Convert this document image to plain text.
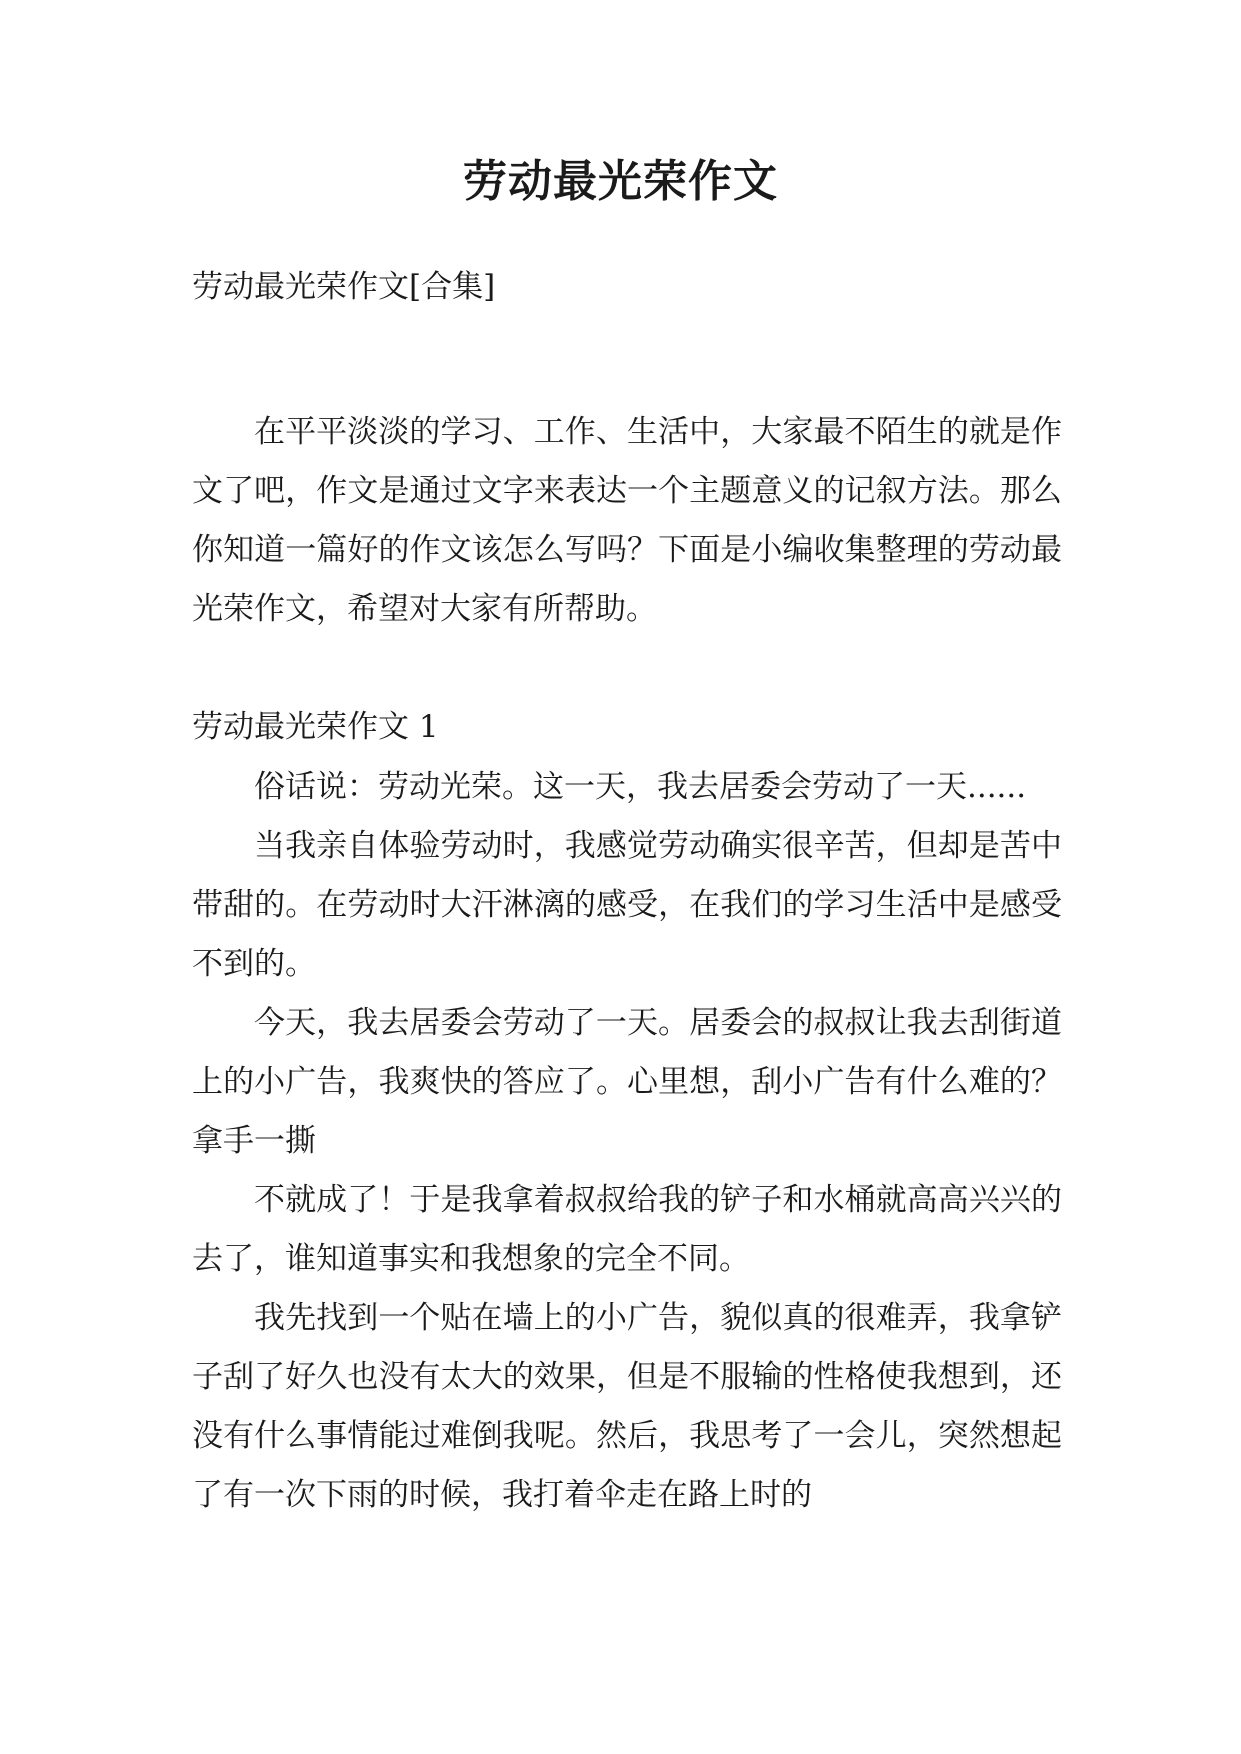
劳动最光荣作文
劳动最光荣作文[合集]

在平平淡淡的学习、工作、生活中，大家最不陌生的就是作文了吧，作文是通过文字来表达一个主题意义的记叙方法。那么你知道一篇好的作文该怎么写吗？下面是小编收集整理的劳动最光荣作文，希望对大家有所帮助。

劳动最光荣作文 1

俗话说：劳动光荣。这一天，我去居委会劳动了一天......

当我亲自体验劳动时，我感觉劳动确实很辛苦，但却是苦中带甜的。在劳动时大汗淋漓的感受，在我们的学习生活中是感受不到的。

今天，我去居委会劳动了一天。居委会的叔叔让我去刮街道上的小广告，我爽快的答应了。心里想，刮小广告有什么难的？拿手一撕

不就成了！于是我拿着叔叔给我的铲子和水桶就高高兴兴的去了，谁知道事实和我想象的完全不同。

我先找到一个贴在墙上的小广告，貌似真的很难弄，我拿铲子刮了好久也没有太大的效果，但是不服输的性格使我想到，还没有什么事情能过难倒我呢。然后，我思考了一会儿，突然想起了有一次下雨的时候，我打着伞走在路上时的
